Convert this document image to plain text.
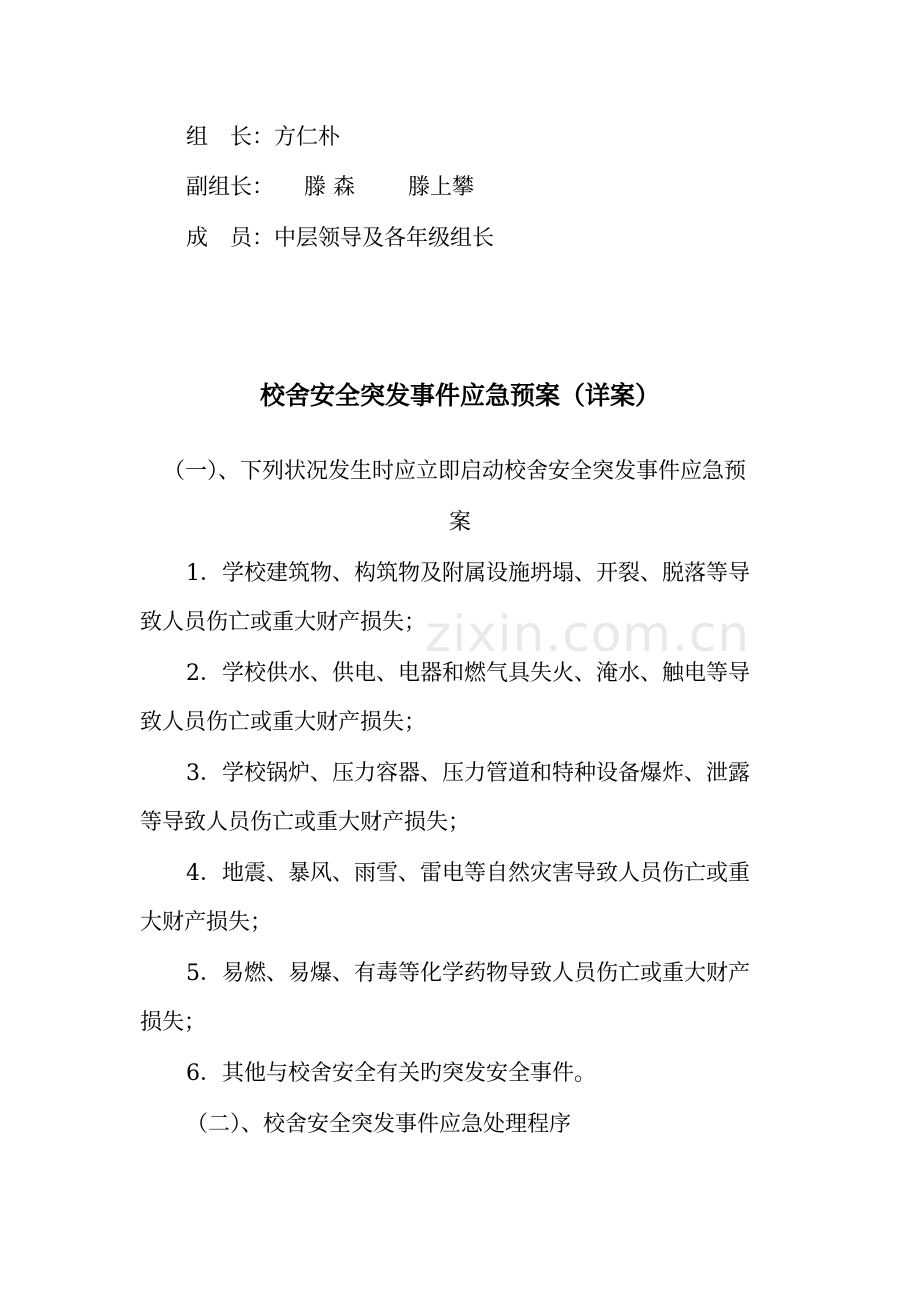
组　长：方仁朴
副组长： 滕 森 滕上攀
成　员：中层领导及各年级组长
校舍安全突发事件应急预案（详案）
（一）、下列状况发生时应立即启动校舍安全突发事件应急预
案
1．学校建筑物、构筑物及附属设施坍塌、开裂、脱落等导
致人员伤亡或重大财产损失；
2．学校供水、供电、电器和燃气具失火、淹水、触电等导
致人员伤亡或重大财产损失；
3．学校锅炉、压力容器、压力管道和特种设备爆炸、泄露
等导致人员伤亡或重大财产损失；
4．地震、暴风、雨雪、雷电等自然灾害导致人员伤亡或重
大财产损失；
5．易燃、易爆、有毒等化学药物导致人员伤亡或重大财产
损失；
6．其他与校舍安全有关旳突发安全事件。
（二）、校舍安全突发事件应急处理程序
zixin.com.cn
